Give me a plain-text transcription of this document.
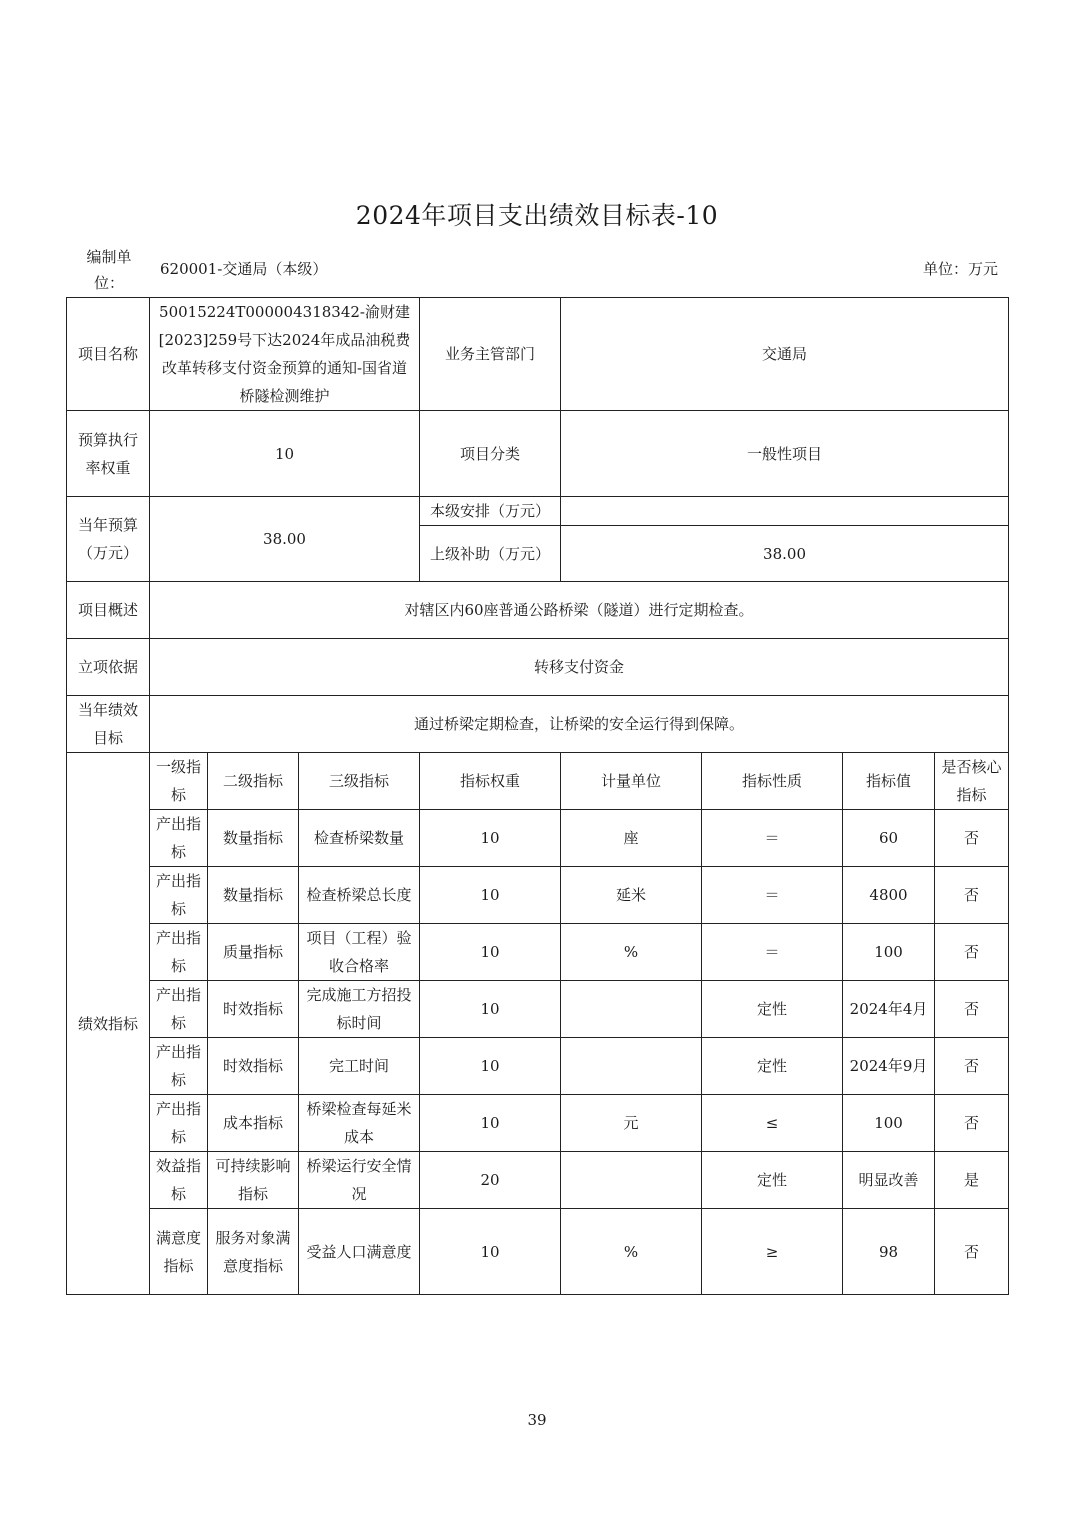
2024年项目支出绩效目标表-10
编制单位：
620001-交通局（本级）	单位：万元
项目名称	50015224T000004318342-渝财建[2023]259号下达2024年成品油税费改革转移支付资金预算的通知-国省道桥隧检测维护			业务主管部门	交通局			
预算执行率权重	10			项目分类	一般性项目			
当年预算（万元）	38.00			本级安排（万元）				
				上级补助（万元）	38.00			
项目概述	对辖区内60座普通公路桥梁（隧道）进行定期检查。							
立项依据	转移支付资金							
当年绩效目标	通过桥梁定期检查，让桥梁的安全运行得到保障。							
绩效指标	一级指标	二级指标	三级指标	指标权重	计量单位	指标性质	指标值	是否核心指标
	产出指标	数量指标	检查桥梁数量	10	座	＝	60	否
	产出指标	数量指标	检查桥梁总长度	10	延米	＝	4800	否
	产出指标	质量指标	项目（工程）验收合格率	10	%	＝	100	否
	产出指标	时效指标	完成施工方招投标时间	10		定性	2024年4月	否
	产出指标	时效指标	完工时间	10		定性	2024年9月	否
	产出指标	成本指标	桥梁检查每延米成本	10	元	≤	100	否
	效益指标	可持续影响指标	桥梁运行安全情况	20		定性	明显改善	是
	满意度指标	服务对象满意度指标	受益人口满意度	10	%	≥	98	否
39
